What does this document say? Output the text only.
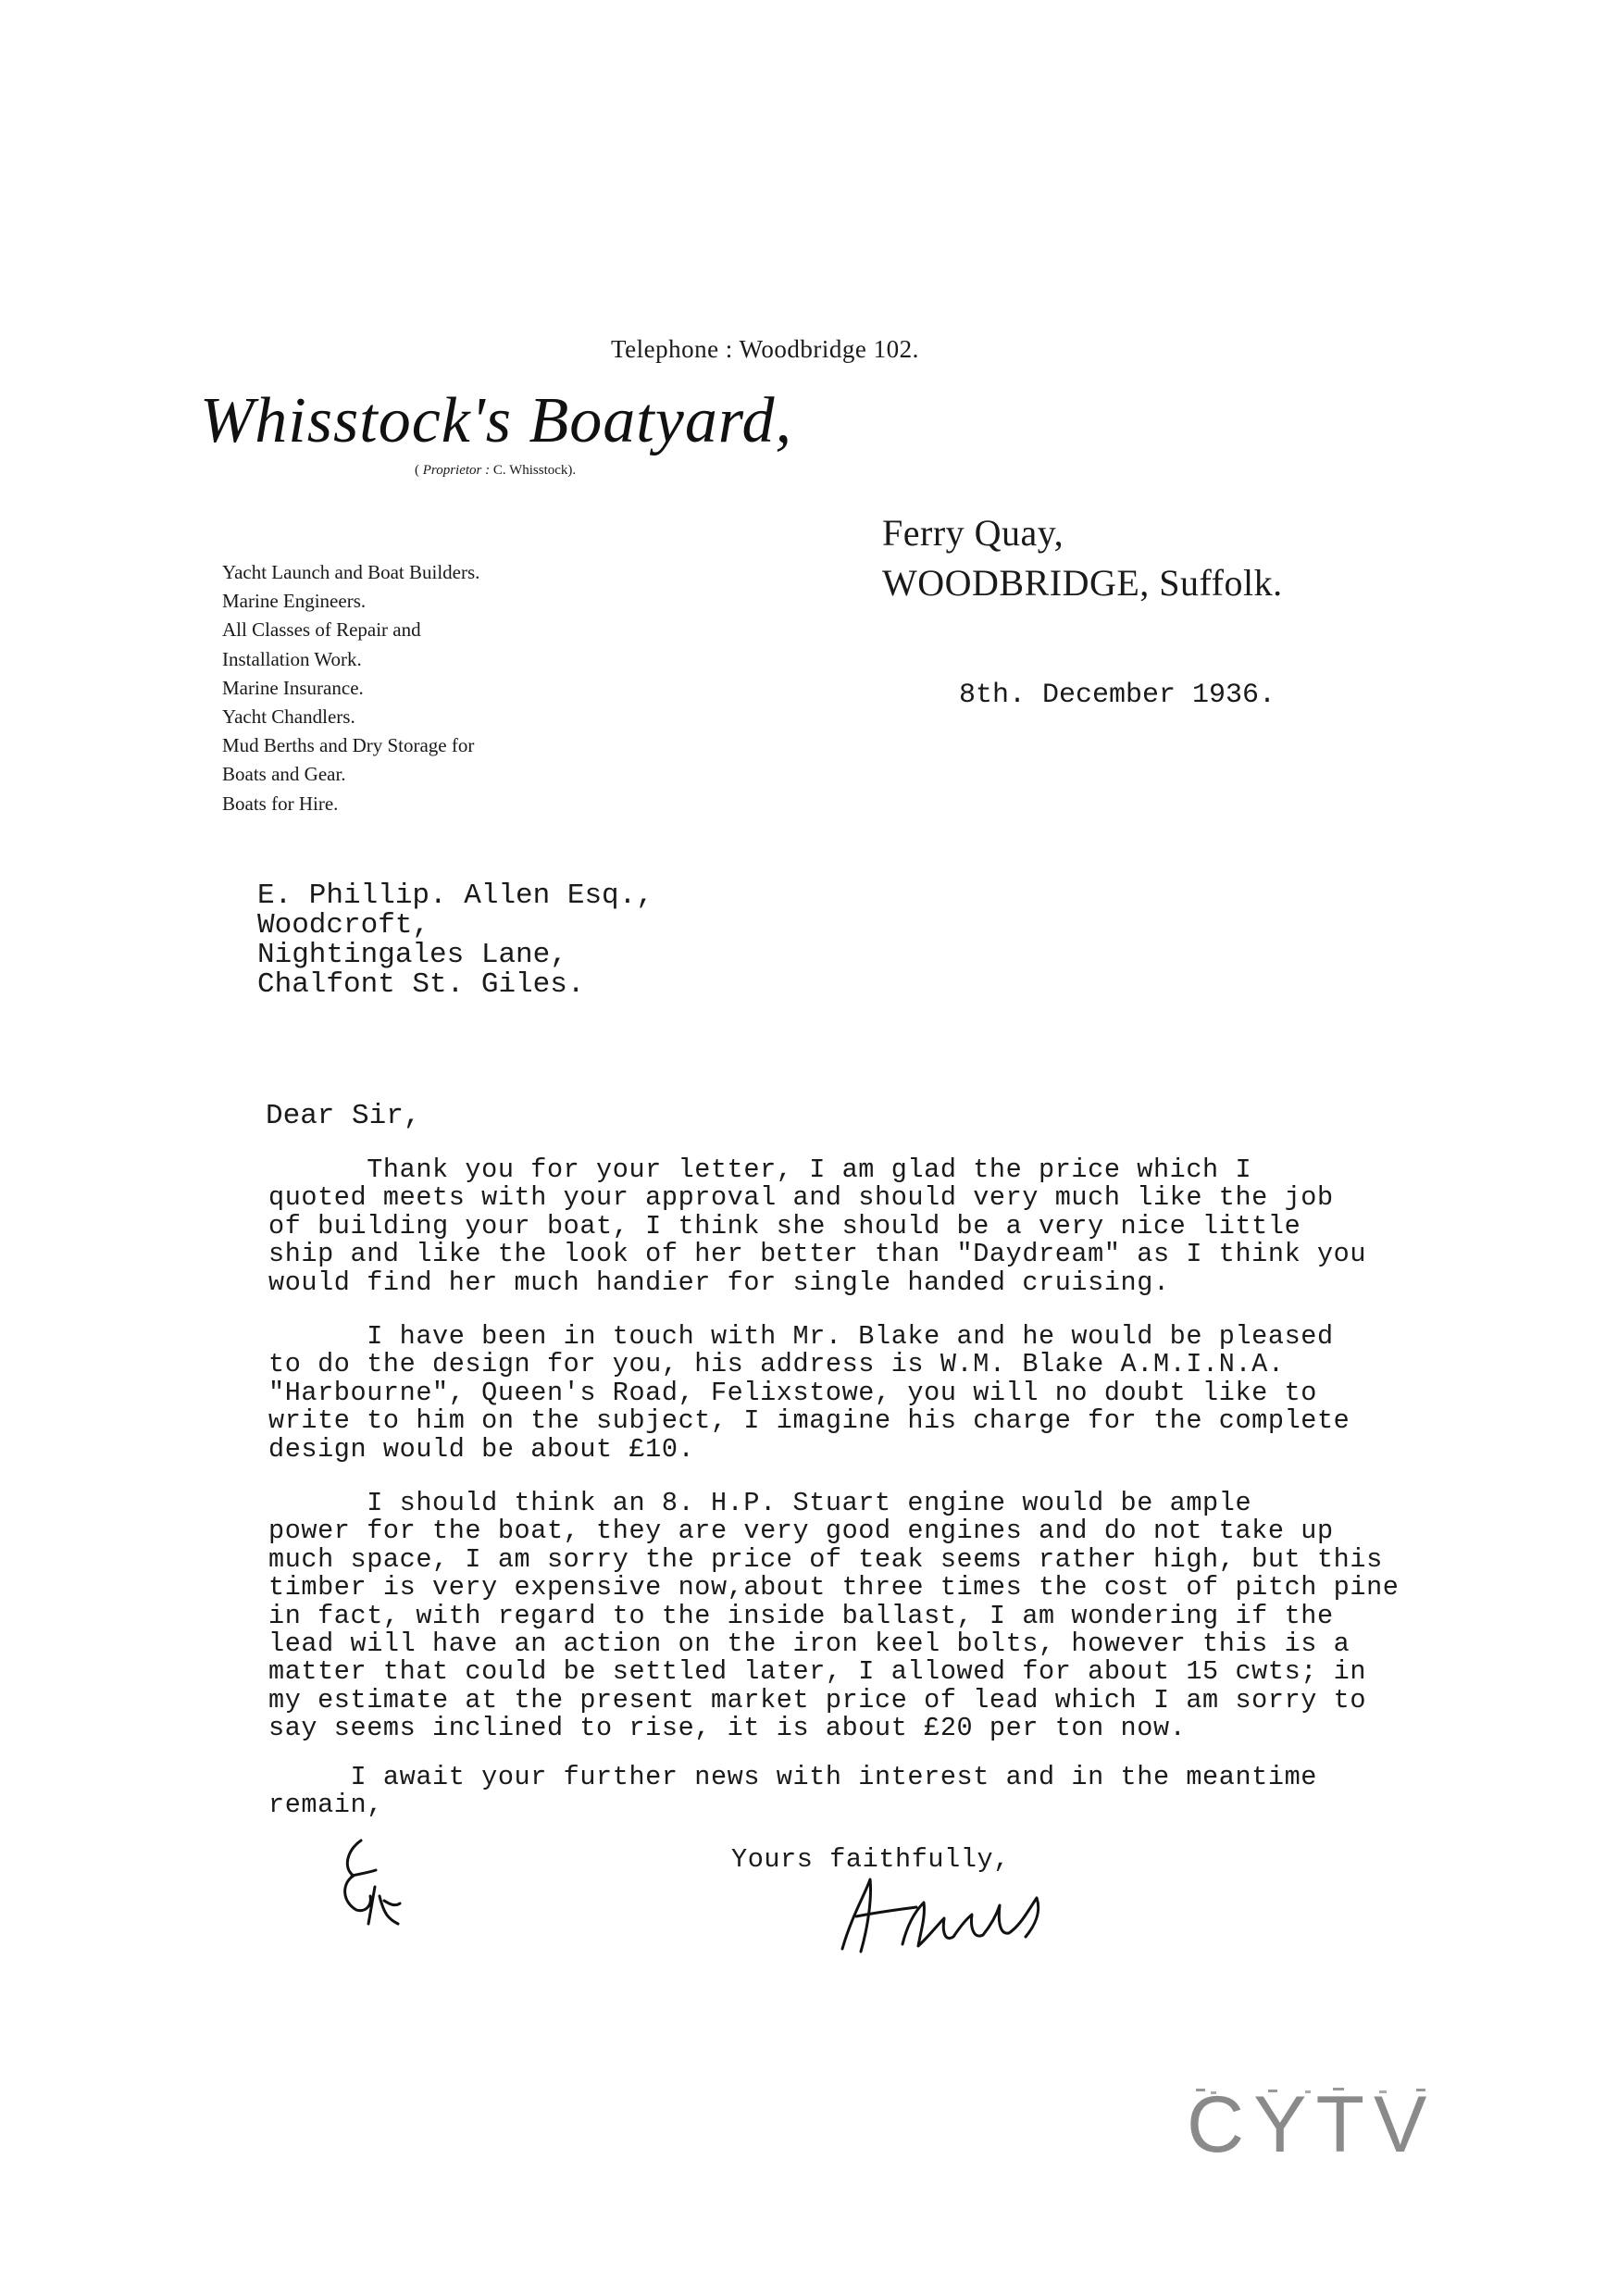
Telephone : Woodbridge 102.
Whisstock's Boatyard,
( Proprietor : C. Whisstock).
Ferry Quay,
WOODBRIDGE, Suffolk.
Yacht Launch and Boat Builders.
Marine Engineers.
All Classes of Repair and
Installation Work.
Marine Insurance.
Yacht Chandlers.
Mud Berths and Dry Storage for
Boats and Gear.
Boats for Hire.
8th. December 1936.
E. Phillip. Allen Esq.,
Woodcroft,
Nightingales Lane,
Chalfont St. Giles.
Dear Sir,
Thank you for your letter, I am glad the price which I
quoted meets with your approval and should very much like the job
of building your boat, I think she should be a very nice little
ship and like the look of her better than "Daydream" as I think you
would find her much handier for single handed cruising.
I have been in touch with Mr. Blake and he would be pleased
to do the design for you, his address is W.M. Blake A.M.I.N.A.
"Harbourne", Queen's Road, Felixstowe, you will no doubt like to
write to him on the subject, I imagine his charge for the complete
design would be about £10.
I should think an 8. H.P. Stuart engine would be ample
power for the boat, they are very good engines and do not take up
much space, I am sorry the price of teak seems rather high, but this
timber is very expensive now,about three times the cost of pitch pine
in fact, with regard to the inside ballast, I am wondering if the
lead will have an action on the iron keel bolts, however this is a
matter that could be settled later, I allowed for about 15 cwts; in
my estimate at the present market price of lead which I am sorry to
say seems inclined to rise, it is about £20 per ton now.
I await your further news with interest and in the meantime
remain,
Yours faithfully,
CYTV
